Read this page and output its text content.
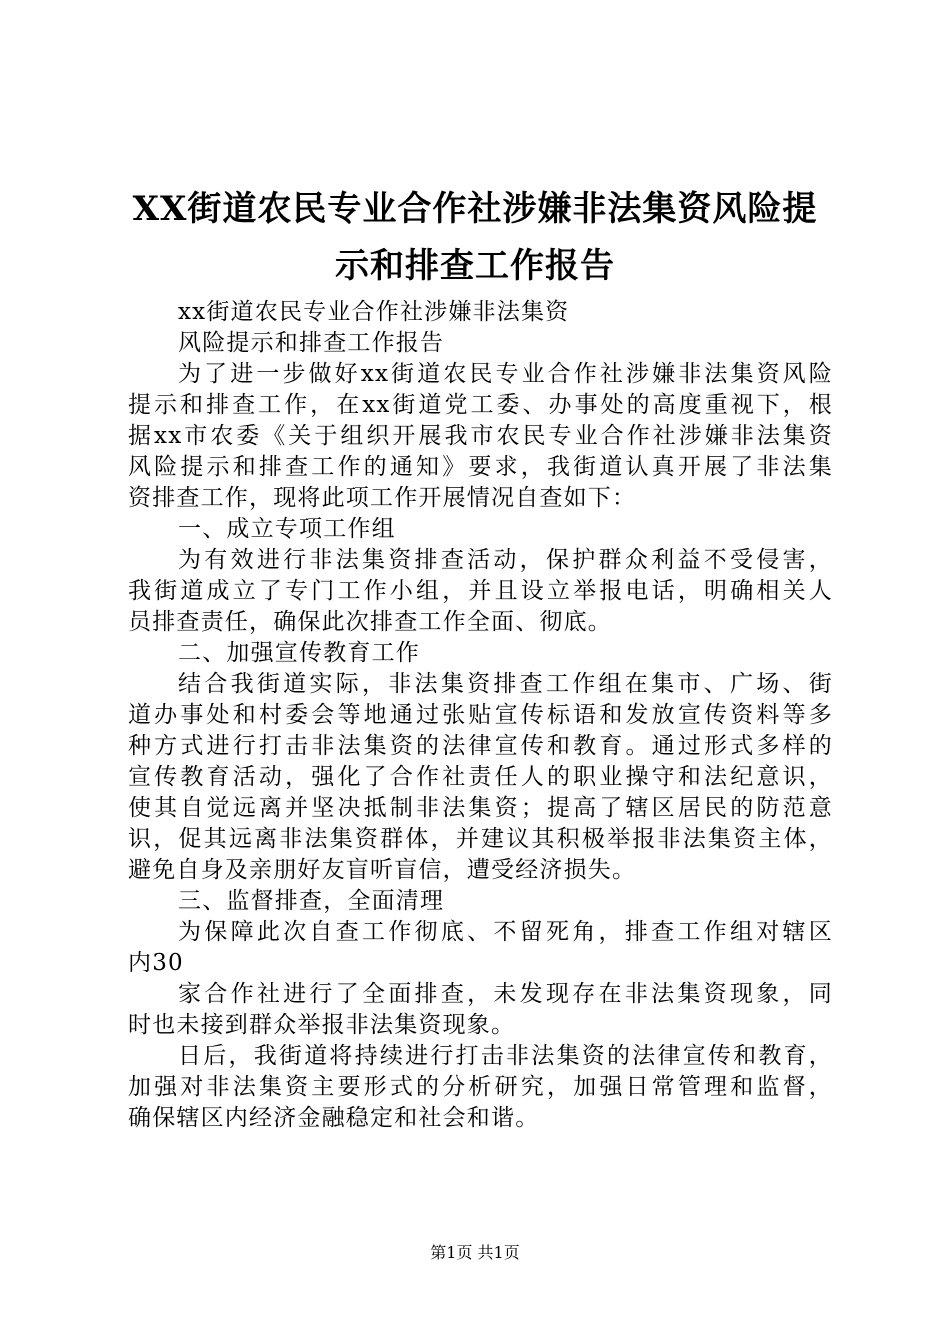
XX街道农民专业合作社涉嫌非法集资风险提
示和排查工作报告
xx街道农民专业合作社涉嫌非法集资
风险提示和排查工作报告
为了进一步做好xx街道农民专业合作社涉嫌非法集资风险
提示和排查工作，在xx街道党工委、办事处的高度重视下，根
据xx市农委《关于组织开展我市农民专业合作社涉嫌非法集资
风险提示和排查工作的通知》要求，我街道认真开展了非法集
资排查工作，现将此项工作开展情况自查如下：
一、成立专项工作组
为有效进行非法集资排查活动，保护群众利益不受侵害，
我街道成立了专门工作小组，并且设立举报电话，明确相关人
员排查责任，确保此次排查工作全面、彻底。
二、加强宣传教育工作
结合我街道实际，非法集资排查工作组在集市、广场、街
道办事处和村委会等地通过张贴宣传标语和发放宣传资料等多
种方式进行打击非法集资的法律宣传和教育。通过形式多样的
宣传教育活动，强化了合作社责任人的职业操守和法纪意识，
使其自觉远离并坚决抵制非法集资；提高了辖区居民的防范意
识，促其远离非法集资群体，并建议其积极举报非法集资主体，
避免自身及亲朋好友盲听盲信，遭受经济损失。
三、监督排查，全面清理
为保障此次自查工作彻底、不留死角，排查工作组对辖区
内30
家合作社进行了全面排查，未发现存在非法集资现象，同
时也未接到群众举报非法集资现象。
日后，我街道将持续进行打击非法集资的法律宣传和教育，
加强对非法集资主要形式的分析研究，加强日常管理和监督，
确保辖区内经济金融稳定和社会和谐。
第1页 共1页
